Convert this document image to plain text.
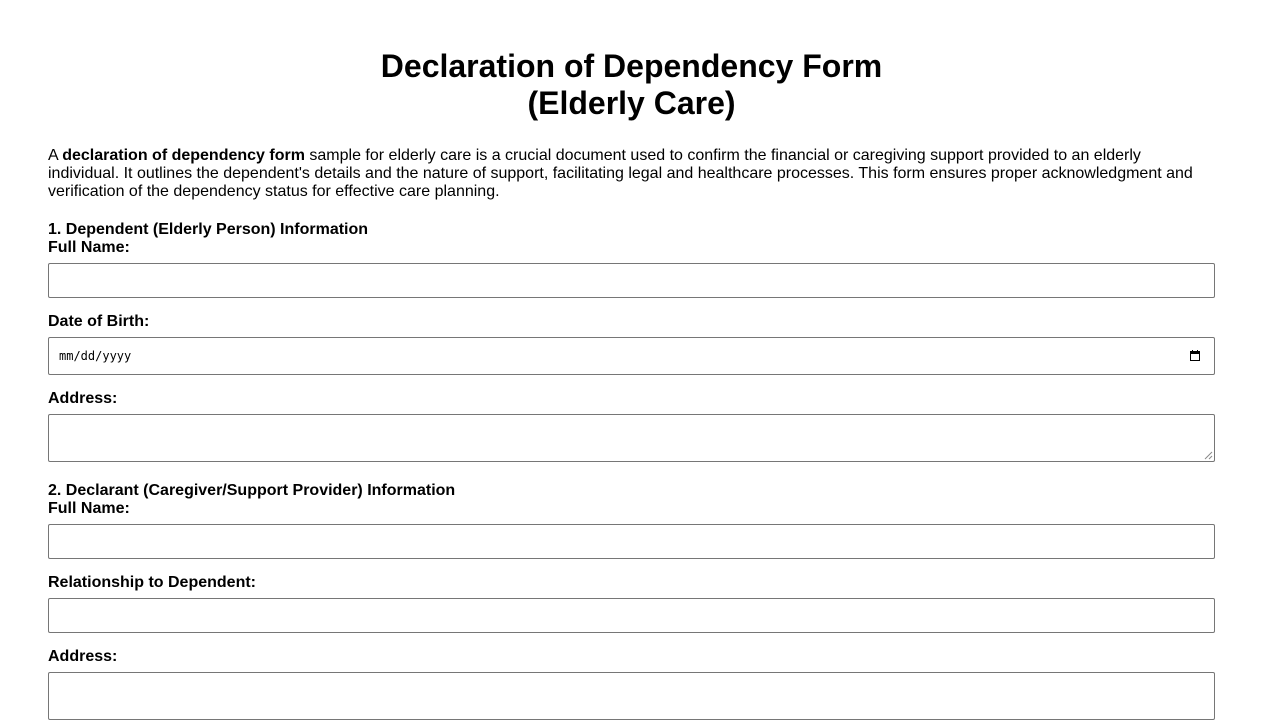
Declaration of Dependency Form
(Elderly Care)

A declaration of dependency form sample for elderly care is a crucial document used to confirm the financial or caregiving support provided to an elderly individual. It outlines the dependent's details and the nature of support, facilitating legal and healthcare processes. This form ensures proper acknowledgment and verification of the dependency status for effective care planning.

1. Dependent (Elderly Person) Information
Full Name:
Date of Birth:
mm/dd/yyyy
Address:
2. Declarant (Caregiver/Support Provider) Information
Full Name:
Relationship to Dependent:
Address:
